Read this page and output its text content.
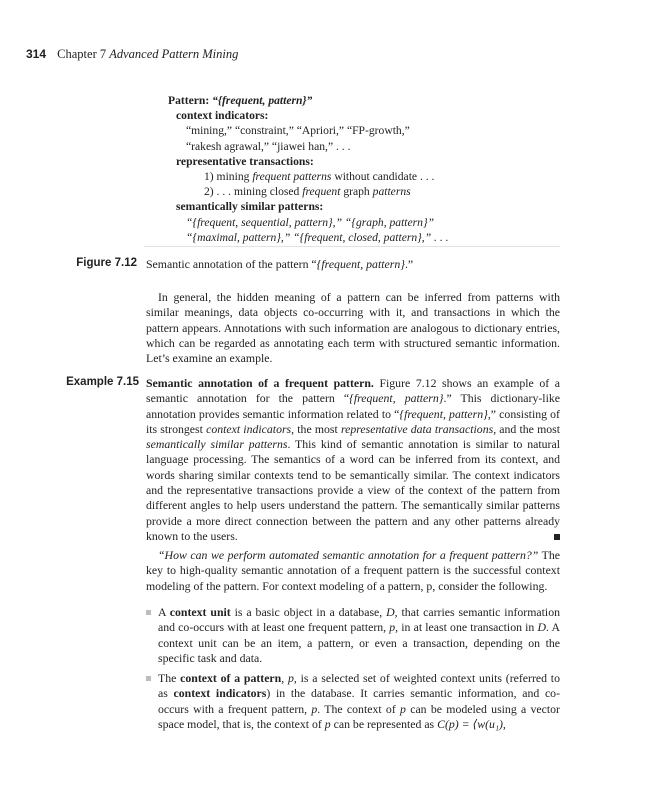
314 Chapter 7 Advanced Pattern Mining
Pattern: “{frequent, pattern}”
context indicators:
“mining,” “constraint,” “Apriori,” “FP-growth,”
“rakesh agrawal,” “jiawei han,” . . .
representative transactions:
1) mining frequent patterns without candidate . . .
2) . . . mining closed frequent graph patterns
semantically similar patterns:
“{frequent, sequential, pattern},” “{graph, pattern}”
“{maximal, pattern},” “{frequent, closed, pattern},” . . .
Figure 7.12 Semantic annotation of the pattern “{frequent, pattern}.”

In general, the hidden meaning of a pattern can be inferred from patterns with similar meanings, data objects co-occurring with it, and transactions in which the pattern appears. Annotations with such information are analogous to dictionary entries, which can be regarded as annotating each term with structured semantic information. Let’s examine an example.

Example 7.15 Semantic annotation of a frequent pattern. Figure 7.12 shows an example of a semantic annotation for the pattern “{frequent, pattern}.” This dictionary-like annotation provides semantic information related to “{frequent, pattern},” consisting of its strongest context indicators, the most representative data transactions, and the most semantically similar patterns. This kind of semantic annotation is similar to natural language processing. The semantics of a word can be inferred from its context, and words sharing similar contexts tend to be semantically similar. The context indicators and the representative transactions provide a view of the context of the pattern from different angles to help users understand the pattern. The semantically similar patterns provide a more direct connection between the pattern and any other patterns already known to the users.

“How can we perform automated semantic annotation for a frequent pattern?” The key to high-quality semantic annotation of a frequent pattern is the successful context modeling of the pattern. For context modeling of a pattern, p, consider the following.

A context unit is a basic object in a database, D, that carries semantic information and co-occurs with at least one frequent pattern, p, in at least one transaction in D. A context unit can be an item, a pattern, or even a transaction, depending on the specific task and data.
The context of a pattern, p, is a selected set of weighted context units (referred to as context indicators) in the database. It carries semantic information, and co-occurs with a frequent pattern, p. The context of p can be modeled using a vector space model, that is, the context of p can be represented as C(p) = ⟨w(u₁),
